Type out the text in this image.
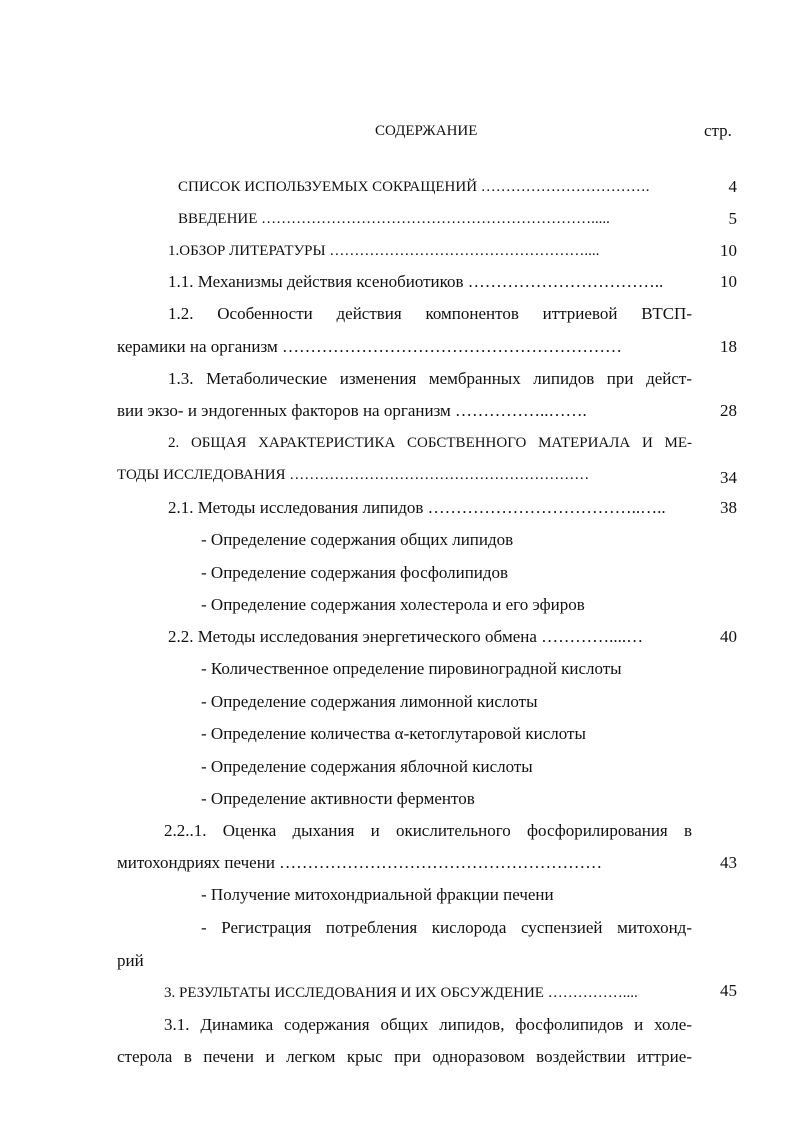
СОДЕРЖАНИЕ	стр.
СПИСОК ИСПОЛЬЗУЕМЫХ СОКРАЩЕНИЙ …………………………….	4
ВВЕДЕНИЕ ………………………………………………………….....	5
1.ОБЗОР ЛИТЕРАТУРЫ ……………………………………………....	10
1.1. Механизмы действия ксенобиотиков ……………………………..	10
1.2. Особенности действия компонентов иттриевой ВТСП-
керамики на организм ……………………………………………………	18
1.3. Метаболические изменения мембранных липидов при дейст-
вии экзо- и эндогенных факторов на организм ……………..…….	28
2. ОБЩАЯ ХАРАКТЕРИСТИКА СОБСТВЕННОГО МАТЕРИАЛА И МЕ-
ТОДЫ ИССЛЕДОВАНИЯ ……………………………………………………	34
2.1. Методы исследования липидов ………………………………..…..	38
- Определение содержания общих липидов
- Определение содержания фосфолипидов
- Определение содержания холестерола и его эфиров
2.2. Методы исследования энергетического обмена …………....…	40
- Количественное определение пировиноградной кислоты
- Определение содержания лимонной кислоты
- Определение количества α-кетоглутаровой кислоты
- Определение содержания яблочной кислоты
- Определение активности ферментов
2.2..1. Оценка дыхания и окислительного фосфорилирования в
митохондриях печени …………………………………………………	43
- Получение митохондриальной фракции печени
- Регистрация потребления кислорода суспензией митохонд-
рий
3. РЕЗУЛЬТАТЫ ИССЛЕДОВАНИЯ И ИХ ОБСУЖДЕНИЕ ……………....	45
3.1. Динамика содержания общих липидов, фосфолипидов и холе-
стерола в печени и легком крыс при одноразовом воздействии иттрие-
